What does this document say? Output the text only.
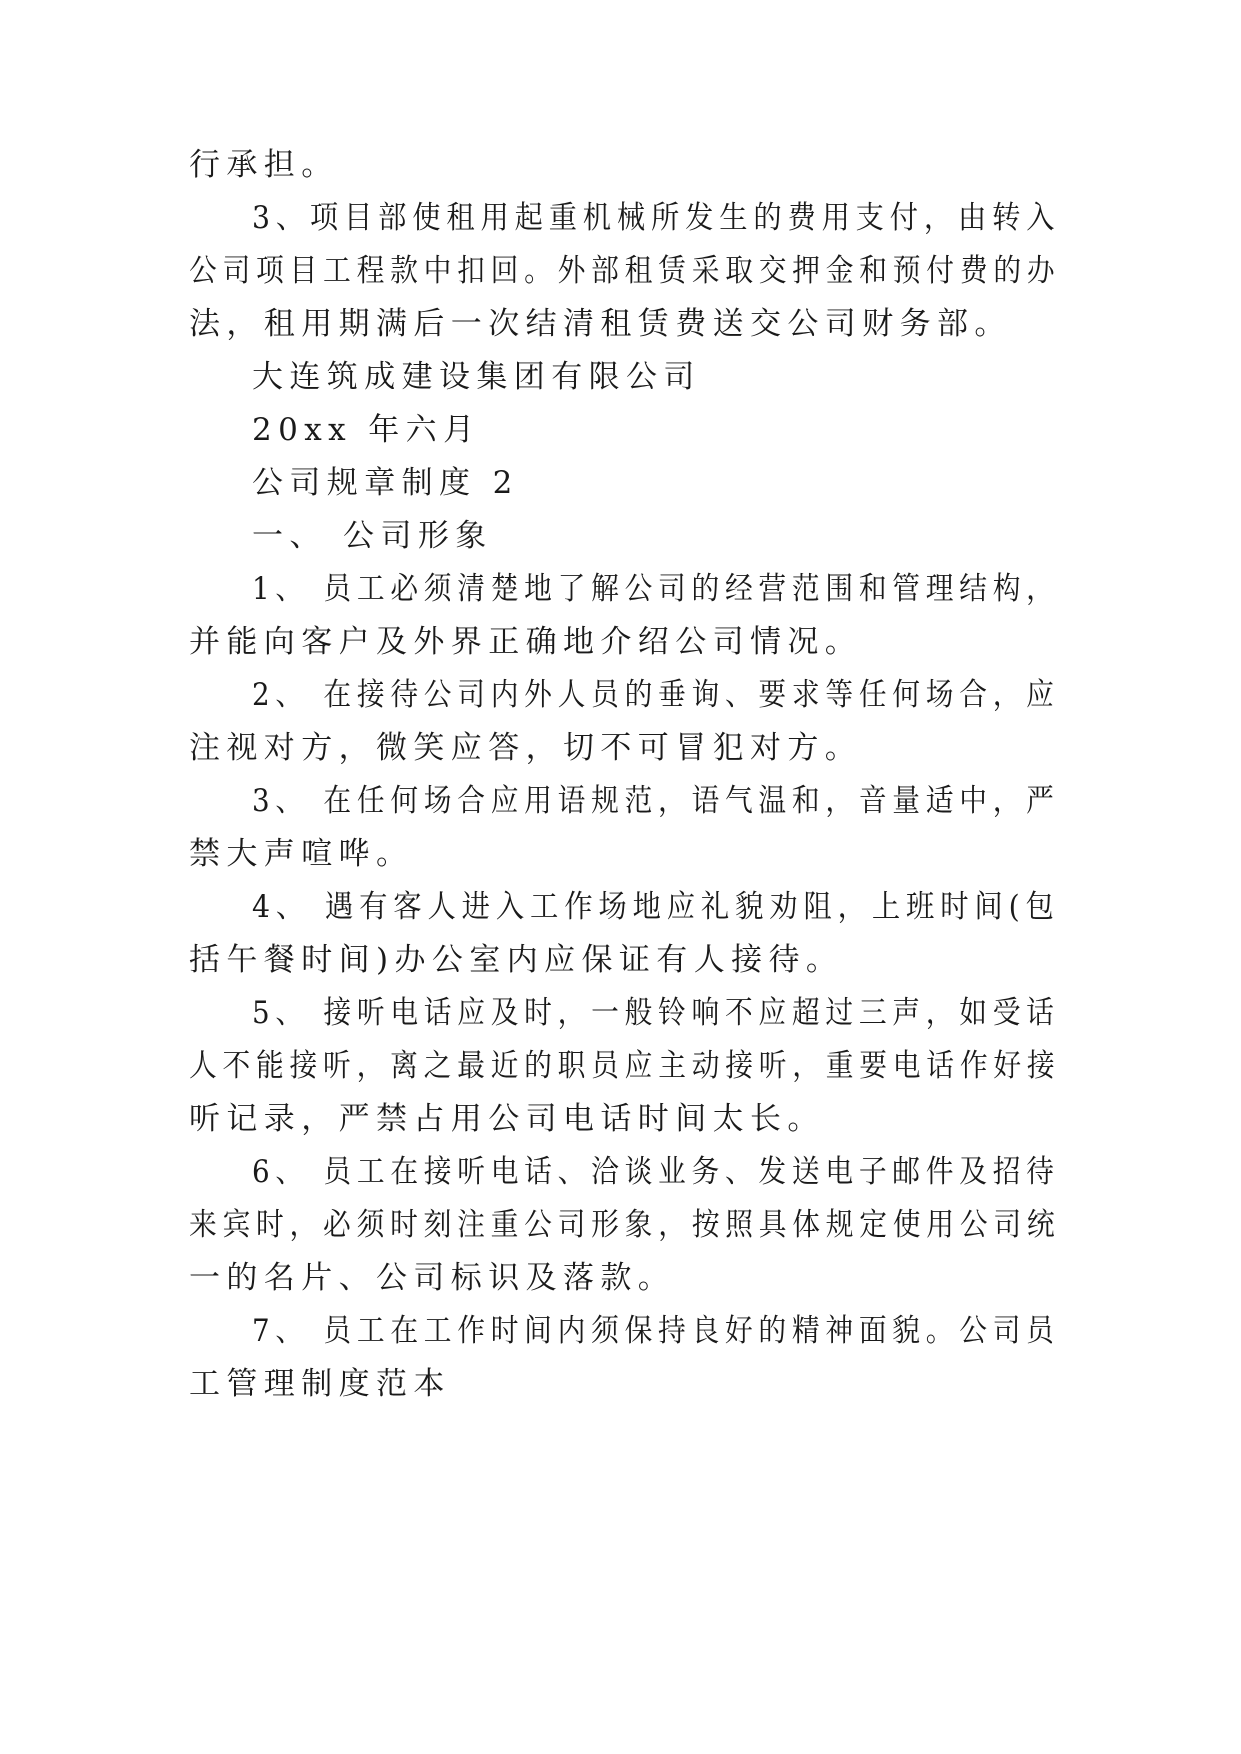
行承担。
3、项目部使租用起重机械所发生的费用支付，由转入
公司项目工程款中扣回。外部租赁采取交押金和预付费的办
法，租用期满后一次结清租赁费送交公司财务部。
大连筑成建设集团有限公司
20xx 年六月
公司规章制度 2
一、 公司形象
1、 员工必须清楚地了解公司的经营范围和管理结构，
并能向客户及外界正确地介绍公司情况。
2、 在接待公司内外人员的垂询、要求等任何场合，应
注视对方，微笑应答，切不可冒犯对方。
3、 在任何场合应用语规范，语气温和，音量适中，严
禁大声喧哗。
4、 遇有客人进入工作场地应礼貌劝阻，上班时间(包
括午餐时间)办公室内应保证有人接待。
5、 接听电话应及时，一般铃响不应超过三声，如受话
人不能接听，离之最近的职员应主动接听，重要电话作好接
听记录，严禁占用公司电话时间太长。
6、 员工在接听电话、洽谈业务、发送电子邮件及招待
来宾时，必须时刻注重公司形象，按照具体规定使用公司统
一的名片、公司标识及落款。
7、 员工在工作时间内须保持良好的精神面貌。公司员
工管理制度范本
